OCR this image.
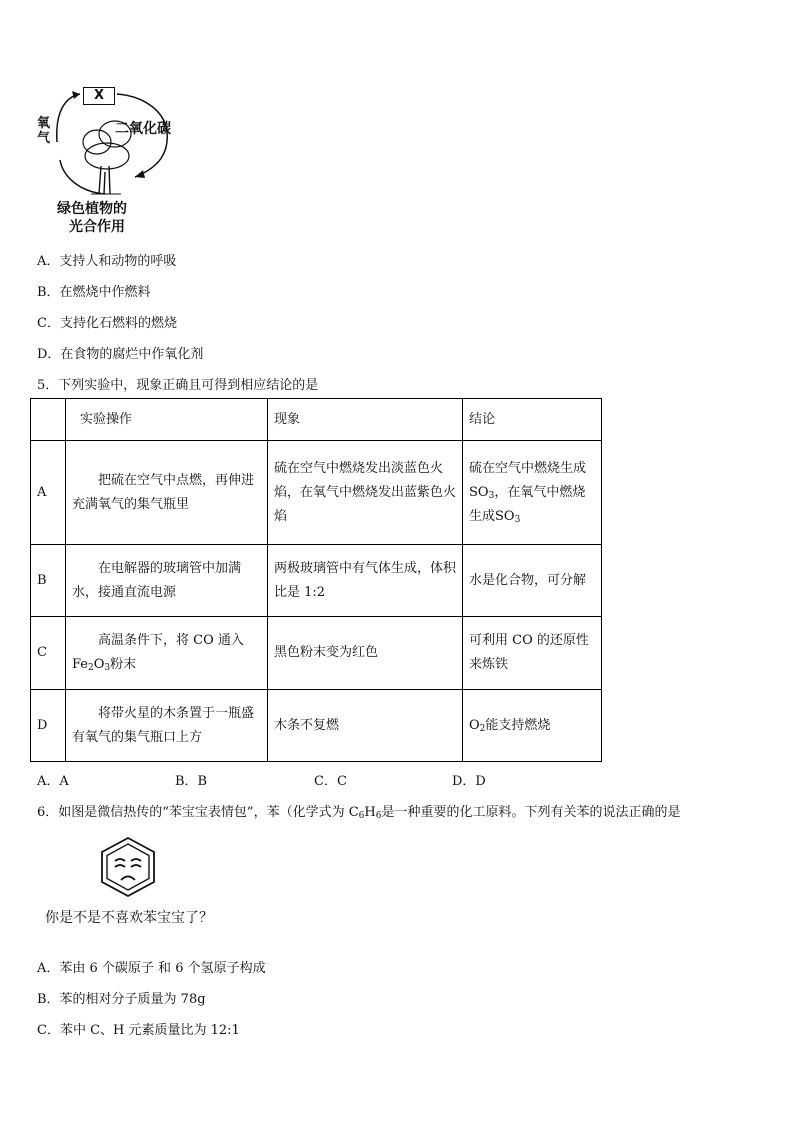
X
氧气
二氧化碳
绿色植物的
光合作用
A．支持人和动物的呼吸
B．在燃烧中作燃料
C．支持化石燃料的燃烧
D．在食物的腐烂中作氧化剂
5．下列实验中，现象正确且可得到相应结论的是
	实验操作	现象	结论
A	把硫在空气中点燃，再伸进充满氧气的集气瓶里	硫在空气中燃烧发出淡蓝色火焰，在氧气中燃烧发出蓝紫色火焰	硫在空气中燃烧生成$SO_3$，在氧气中燃烧生成$SO_3$
B	在电解器的玻璃管中加满水，接通直流电源	两极玻璃管中有气体生成，体积比是 1:2	水是化合物，可分解
C	高温条件下，将 CO 通入$Fe_2O_3$粉末	黑色粉末变为红色	可利用 CO 的还原性来炼铁
D	将带火星的木条置于一瓶盛有氧气的集气瓶口上方	木条不复燃	$O_2$能支持燃烧
A．A	B．B	C．C	D．D
6．如图是微信热传的“苯宝宝表情包”，苯（化学式为 $C_6H_6$是一种重要的化工原料。下列有关苯的说法正确的是
你是不是不喜欢苯宝宝了？
A．苯由 6 个碳原子 和 6 个氢原子构成
B．苯的相对分子质量为 78g
C．苯中 C、H 元素质量比为 12:1
